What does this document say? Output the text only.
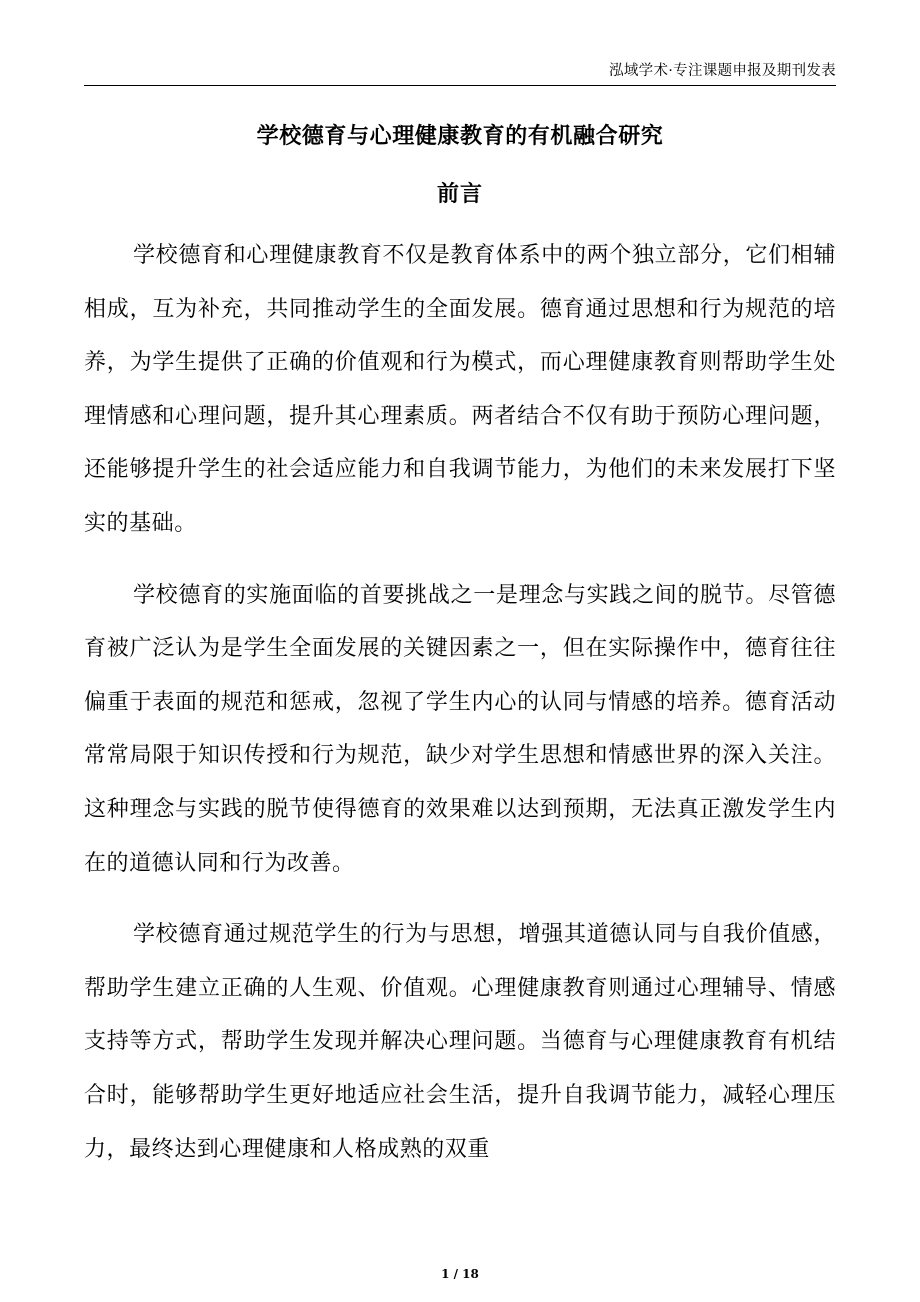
泓域学术·专注课题申报及期刊发表
学校德育与心理健康教育的有机融合研究
前言

学校德育和心理健康教育不仅是教育体系中的两个独立部分，它们相辅相成，互为补充，共同推动学生的全面发展。德育通过思想和行为规范的培养，为学生提供了正确的价值观和行为模式，而心理健康教育则帮助学生处理情感和心理问题，提升其心理素质。两者结合不仅有助于预防心理问题，还能够提升学生的社会适应能力和自我调节能力，为他们的未来发展打下坚实的基础。

学校德育的实施面临的首要挑战之一是理念与实践之间的脱节。尽管德育被广泛认为是学生全面发展的关键因素之一，但在实际操作中，德育往往偏重于表面的规范和惩戒，忽视了学生内心的认同与情感的培养。德育活动常常局限于知识传授和行为规范，缺少对学生思想和情感世界的深入关注。这种理念与实践的脱节使得德育的效果难以达到预期，无法真正激发学生内在的道德认同和行为改善。

学校德育通过规范学生的行为与思想，增强其道德认同与自我价值感，帮助学生建立正确的人生观、价值观。心理健康教育则通过心理辅导、情感支持等方式，帮助学生发现并解决心理问题。当德育与心理健康教育有机结合时，能够帮助学生更好地适应社会生活，提升自我调节能力，减轻心理压力，最终达到心理健康和人格成熟的双重

1 / 18
